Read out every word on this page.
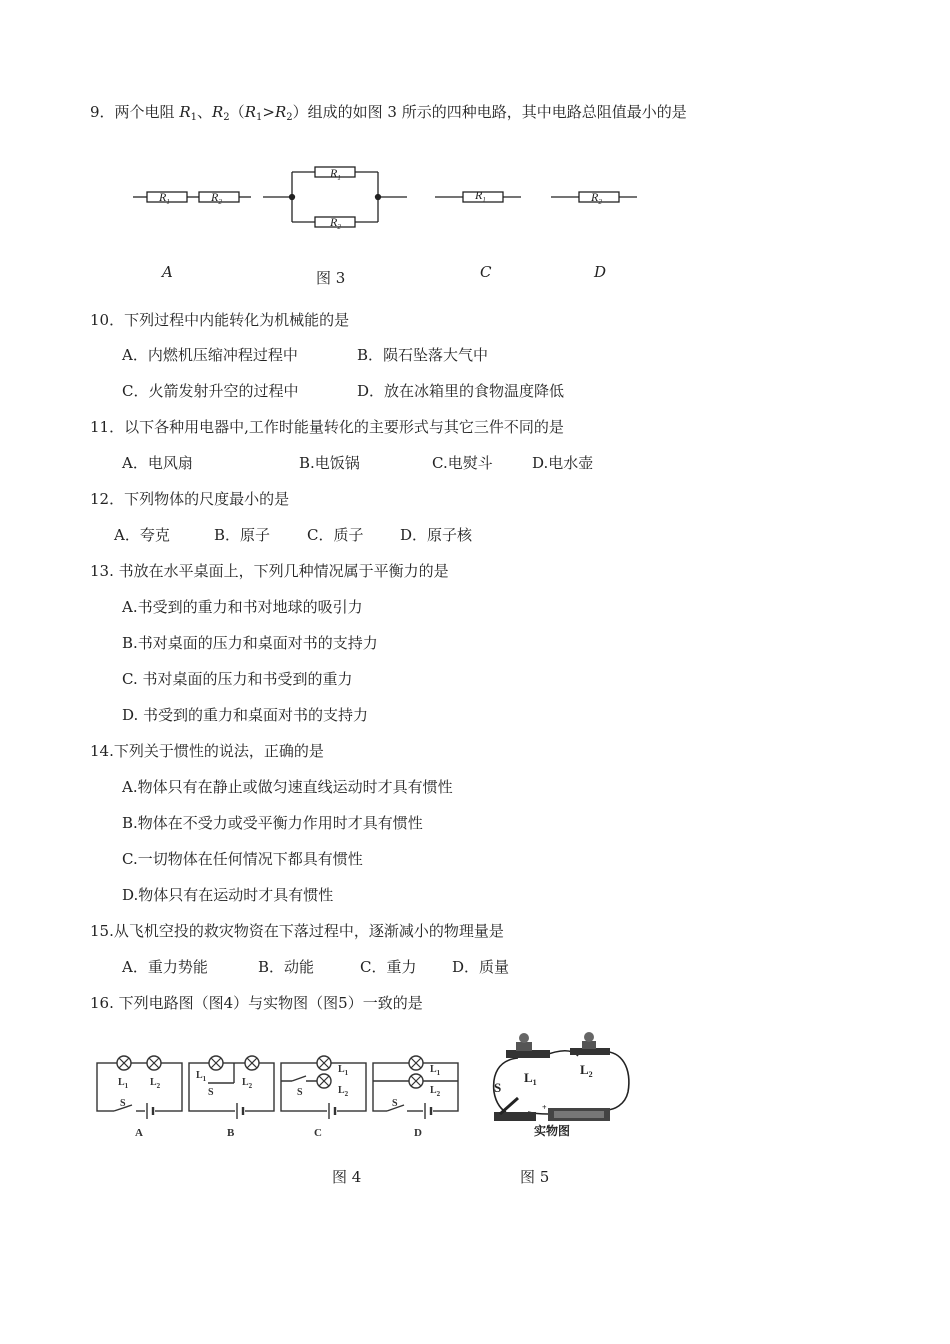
9．两个电阻 $R_1$、$R_2(R_1>R_2)$组成的如图 3 所示的四种电路，其中电路总阻值最小的是
$R_1$	$R_2$
$R_1$
$R_2$
$R_1$	$R_2$
A	图 3	C	D
10．下列过程中内能转化为机械能的是
A．内燃机压缩冲程过程中	B．陨石坠落大气中
C．火箭发射升空的过程中	D．放在冰箱里的食物温度降低
11．以下各种用电器中,工作时能量转化的主要形式与其它三件不同的是
A．电风扇	B.电饭锅	C.电熨斗	D.电水壶
12．下列物体的尺度最小的是
A．夸克	B．原子 C．质子 D．原子核
13. 书放在水平桌面上，下列几种情况属于平衡力的是
A.书受到的重力和书对地球的吸引力
B.书对桌面的压力和桌面对书的支持力
C. 书对桌面的压力和书受到的重力
D. 书受到的重力和桌面对书的支持力
14.下列关于惯性的说法，正确的是
A.物体只有在静止或做匀速直线运动时才具有惯性
B.物体在不受力或受平衡力作用时才具有惯性
C.一切物体在任何情况下都具有惯性
D.物体只有在运动时才具有惯性
15.从飞机空投的救灾物资在下落过程中，逐渐减小的物理量是
A．重力势能	B．动能	C．重力 D．质量
16. 下列电路图（图4）与实物图（图5）一致的是
$L_1$ $L_2$
S
A
$L_1$	$L_2$
S
B
$L_1$
$L_2$
S
C
$L_1$
$L_2$
S
D
S
$L_1$
$L_2$
+
实物图
图 4	图 5
